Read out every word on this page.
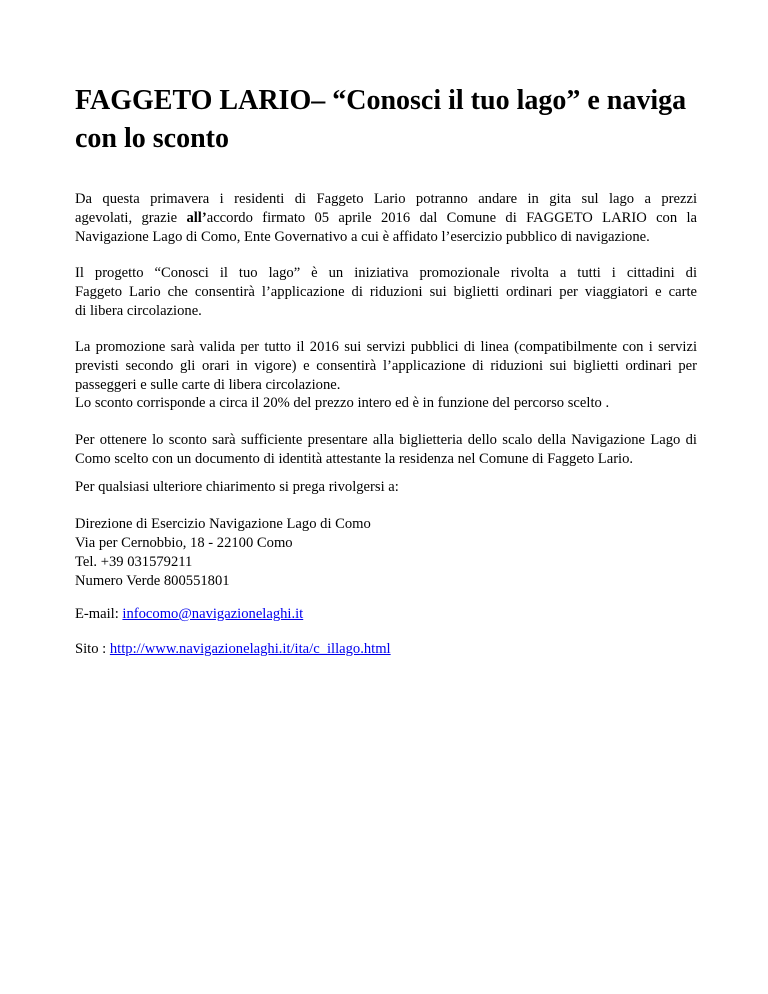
FAGGETO LARIO– “Conosci il tuo lago” e naviga con lo sconto
Da questa primavera i residenti di Faggeto Lario potranno andare in gita sul lago a prezzi
agevolati, grazie all’accordo firmato 05 aprile 2016 dal Comune di FAGGETO LARIO con la
Navigazione Lago di Como, Ente Governativo a cui è affidato l’esercizio pubblico di navigazione.
Il progetto “Conosci il tuo lago” è un iniziativa promozionale rivolta a tutti i cittadini di
Faggeto Lario che consentirà l’applicazione di riduzioni sui biglietti ordinari per viaggiatori e carte
di libera circolazione.

La promozione sarà valida per tutto il 2016 sui servizi pubblici di linea (compatibilmente con i servizi previsti secondo gli orari in vigore) e consentirà l’applicazione di riduzioni sui biglietti ordinari per passeggeri e sulle carte di libera circolazione.

Lo sconto corrisponde a circa il 20% del prezzo intero ed è in funzione del percorso scelto .

Per ottenere lo sconto sarà sufficiente presentare alla biglietteria dello scalo della Navigazione Lago di Como scelto con un documento di identità attestante la residenza nel Comune di Faggeto Lario.

Per qualsiasi ulteriore chiarimento si prega rivolgersi a:

Direzione di Esercizio Navigazione Lago di Como
Via per Cernobbio, 18 - 22100 Como
Tel. +39 031579211
Numero Verde 800551801

E-mail: infocomo@navigazionelaghi.it

Sito : http://www.navigazionelaghi.it/ita/c_illago.html
